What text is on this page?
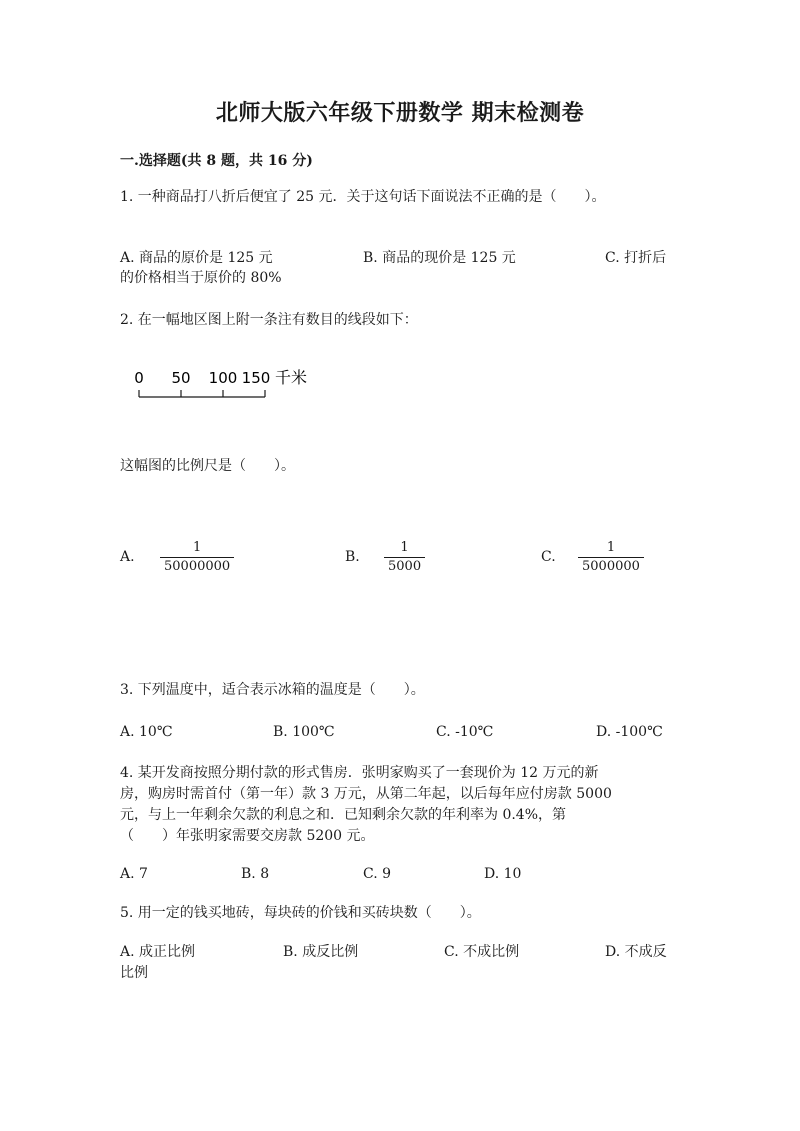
北师大版六年级下册数学 期末检测卷
一.选择题(共 8 题，共 16 分)
1. 一种商品打八折后便宜了 25 元．关于这句话下面说法不正确的是（　　）。
A. 商品的原价是 125 元	B. 商品的现价是 125 元	C. 打折后
的价格相当于原价的 80%
2. 在一幅地区图上附一条注有数目的线段如下：
0 50 100 150 千米
这幅图的比例尺是（　　）。
A.
1
50000000
B.
1
5000
C.
1
5000000
3. 下列温度中，适合表示冰箱的温度是（　　）。
A. 10℃	B. 100℃	C. -10℃	D. -100℃
4. 某开发商按照分期付款的形式售房．张明家购买了一套现价为 12 万元的新
房，购房时需首付（第一年）款 3 万元，从第二年起，以后每年应付房款 5000
元，与上一年剩余欠款的利息之和．已知剩余欠款的年利率为 0.4%，第
（　　）年张明家需要交房款 5200 元。
A. 7	B. 8	C. 9	D. 10
5. 用一定的钱买地砖，每块砖的价钱和买砖块数（　　）。
A. 成正比例	B. 成反比例	C. 不成比例	D. 不成反
比例
